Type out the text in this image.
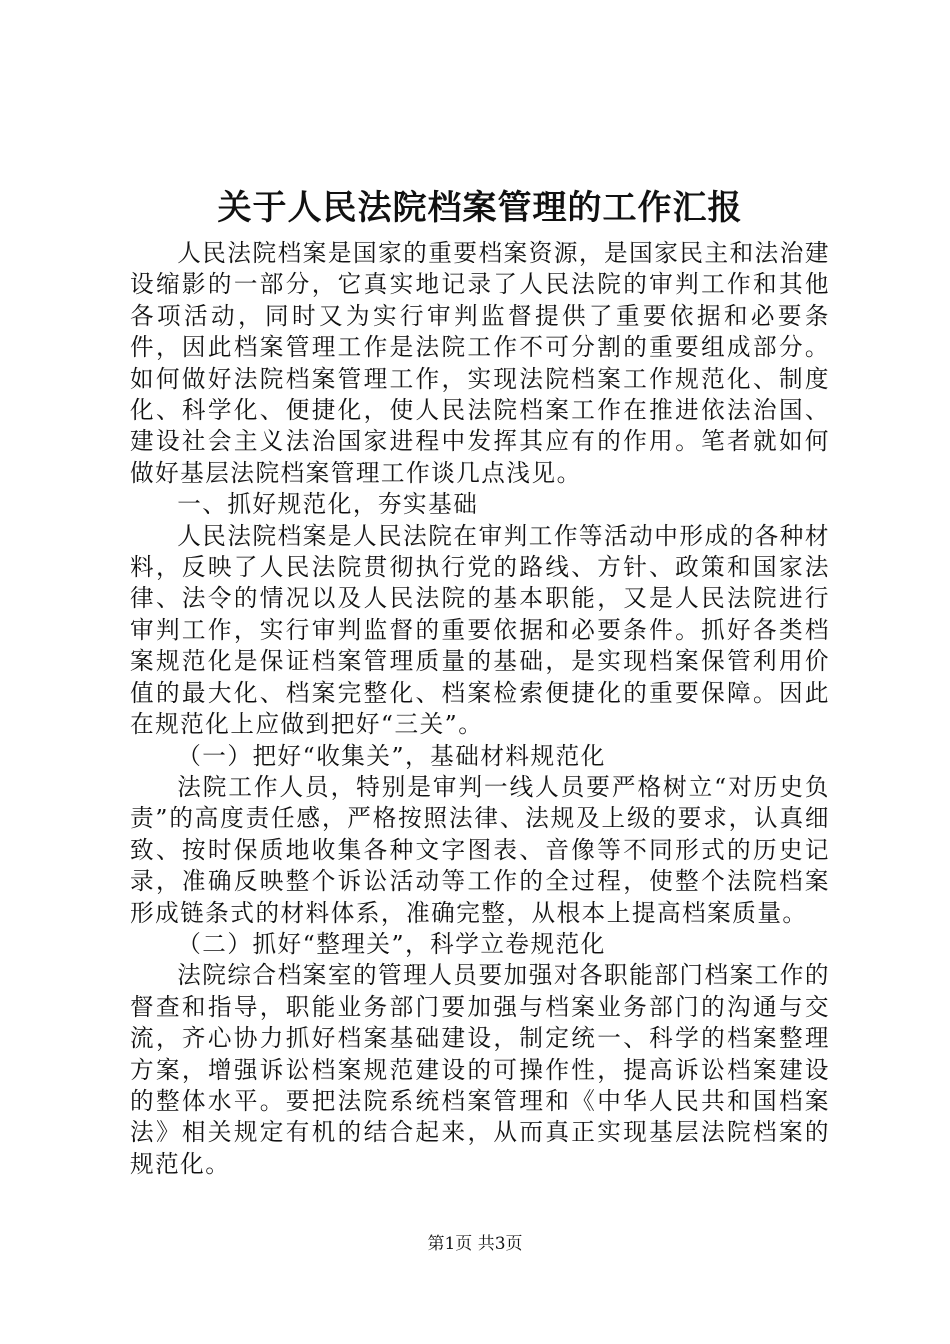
关于人民法院档案管理的工作汇报

人民法院档案是国家的重要档案资源，是国家民主和法治建设缩影的一部分，它真实地记录了人民法院的审判工作和其他各项活动，同时又为实行审判监督提供了重要依据和必要条件，因此档案管理工作是法院工作不可分割的重要组成部分。如何做好法院档案管理工作，实现法院档案工作规范化、制度化、科学化、便捷化，使人民法院档案工作在推进依法治国、建设社会主义法治国家进程中发挥其应有的作用。笔者就如何做好基层法院档案管理工作谈几点浅见。

一、抓好规范化，夯实基础

人民法院档案是人民法院在审判工作等活动中形成的各种材料，反映了人民法院贯彻执行党的路线、方针、政策和国家法律、法令的情况以及人民法院的基本职能，又是人民法院进行审判工作，实行审判监督的重要依据和必要条件。抓好各类档案规范化是保证档案管理质量的基础，是实现档案保管利用价值的最大化、档案完整化、档案检索便捷化的重要保障。因此在规范化上应做到把好“三关”。

（一）把好“收集关”，基础材料规范化

法院工作人员，特别是审判一线人员要严格树立“对历史负责”的高度责任感，严格按照法律、法规及上级的要求，认真细致、按时保质地收集各种文字图表、音像等不同形式的历史记录，准确反映整个诉讼活动等工作的全过程，使整个法院档案形成链条式的材料体系，准确完整，从根本上提高档案质量。

（二）抓好“整理关”，科学立卷规范化

法院综合档案室的管理人员要加强对各职能部门档案工作的督查和指导，职能业务部门要加强与档案业务部门的沟通与交流，齐心协力抓好档案基础建设，制定统一、科学的档案整理方案，增强诉讼档案规范建设的可操作性，提高诉讼档案建设的整体水平。要把法院系统档案管理和《中华人民共和国档案法》相关规定有机的结合起来，从而真正实现基层法院档案的规范化。

第1页 共3页
